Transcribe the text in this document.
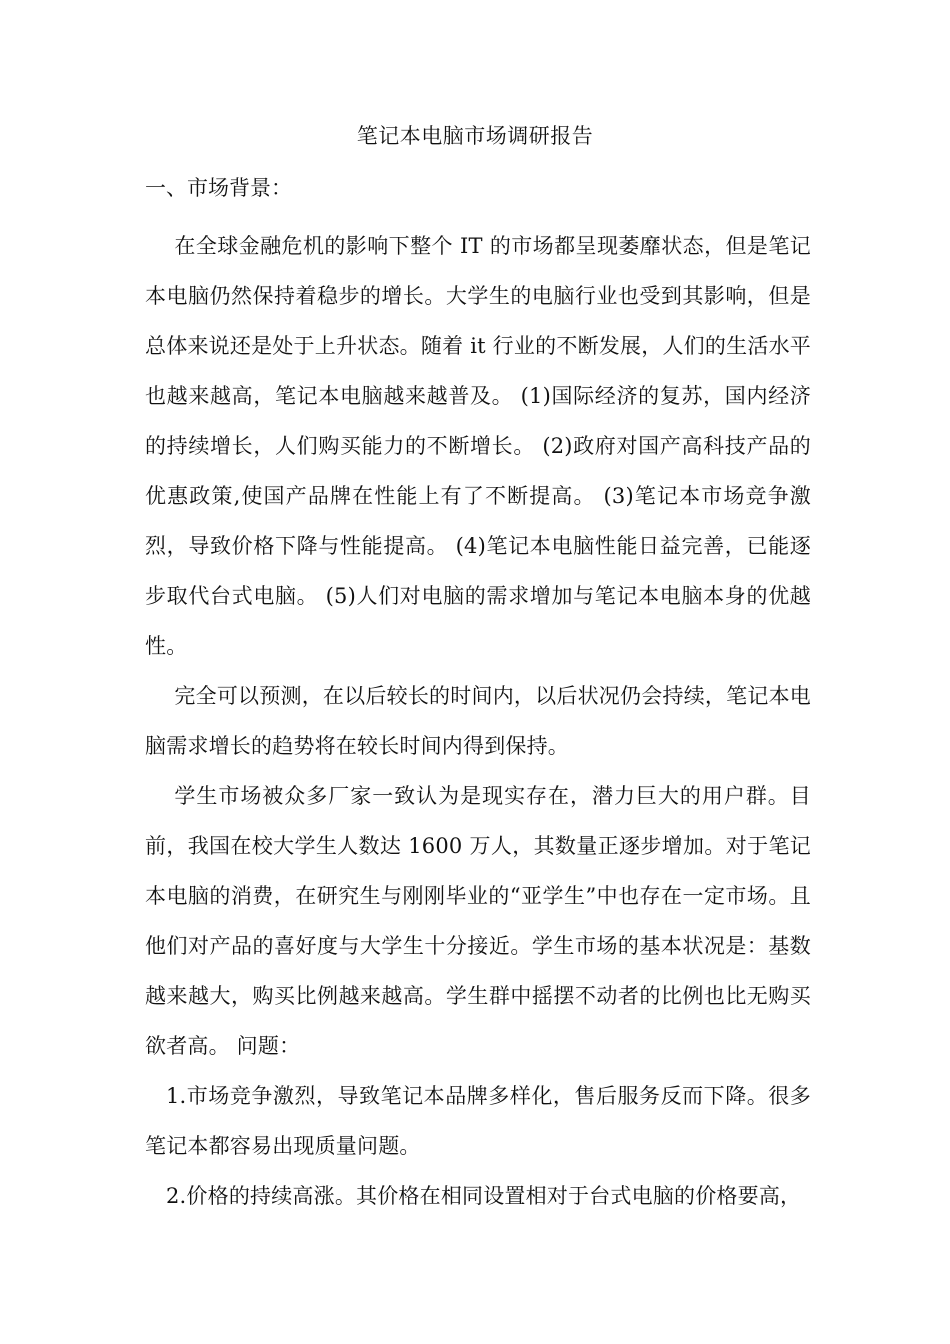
笔记本电脑市场调研报告
一、市场背景：

在全球金融危机的影响下整个 IT 的市场都呈现萎靡状态，但是笔记本电脑仍然保持着稳步的增长。大学生的电脑行业也受到其影响，但是总体来说还是处于上升状态。随着 it 行业的不断发展，人们的生活水平也越来越高，笔记本电脑越来越普及。 (1)国际经济的复苏，国内经济的持续增长，人们购买能力的不断增长。 (2)政府对国产高科技产品的优惠政策,使国产品牌在性能上有了不断提高。 (3)笔记本市场竞争激烈，导致价格下降与性能提高。 (4)笔记本电脑性能日益完善，已能逐步取代台式电脑。 (5)人们对电脑的需求增加与笔记本电脑本身的优越性。

完全可以预测，在以后较长的时间内，以后状况仍会持续，笔记本电脑需求增长的趋势将在较长时间内得到保持。

学生市场被众多厂家一致认为是现实存在，潜力巨大的用户群。目前，我国在校大学生人数达 1600 万人，其数量正逐步增加。对于笔记本电脑的消费，在研究生与刚刚毕业的“亚学生”中也存在一定市场。且他们对产品的喜好度与大学生十分接近。学生市场的基本状况是：基数越来越大，购买比例越来越高。学生群中摇摆不动者的比例也比无购买欲者高。 问题：

1.市场竞争激烈，导致笔记本品牌多样化，售后服务反而下降。很多笔记本都容易出现质量问题。

2.价格的持续高涨。其价格在相同设置相对于台式电脑的价格要高，
